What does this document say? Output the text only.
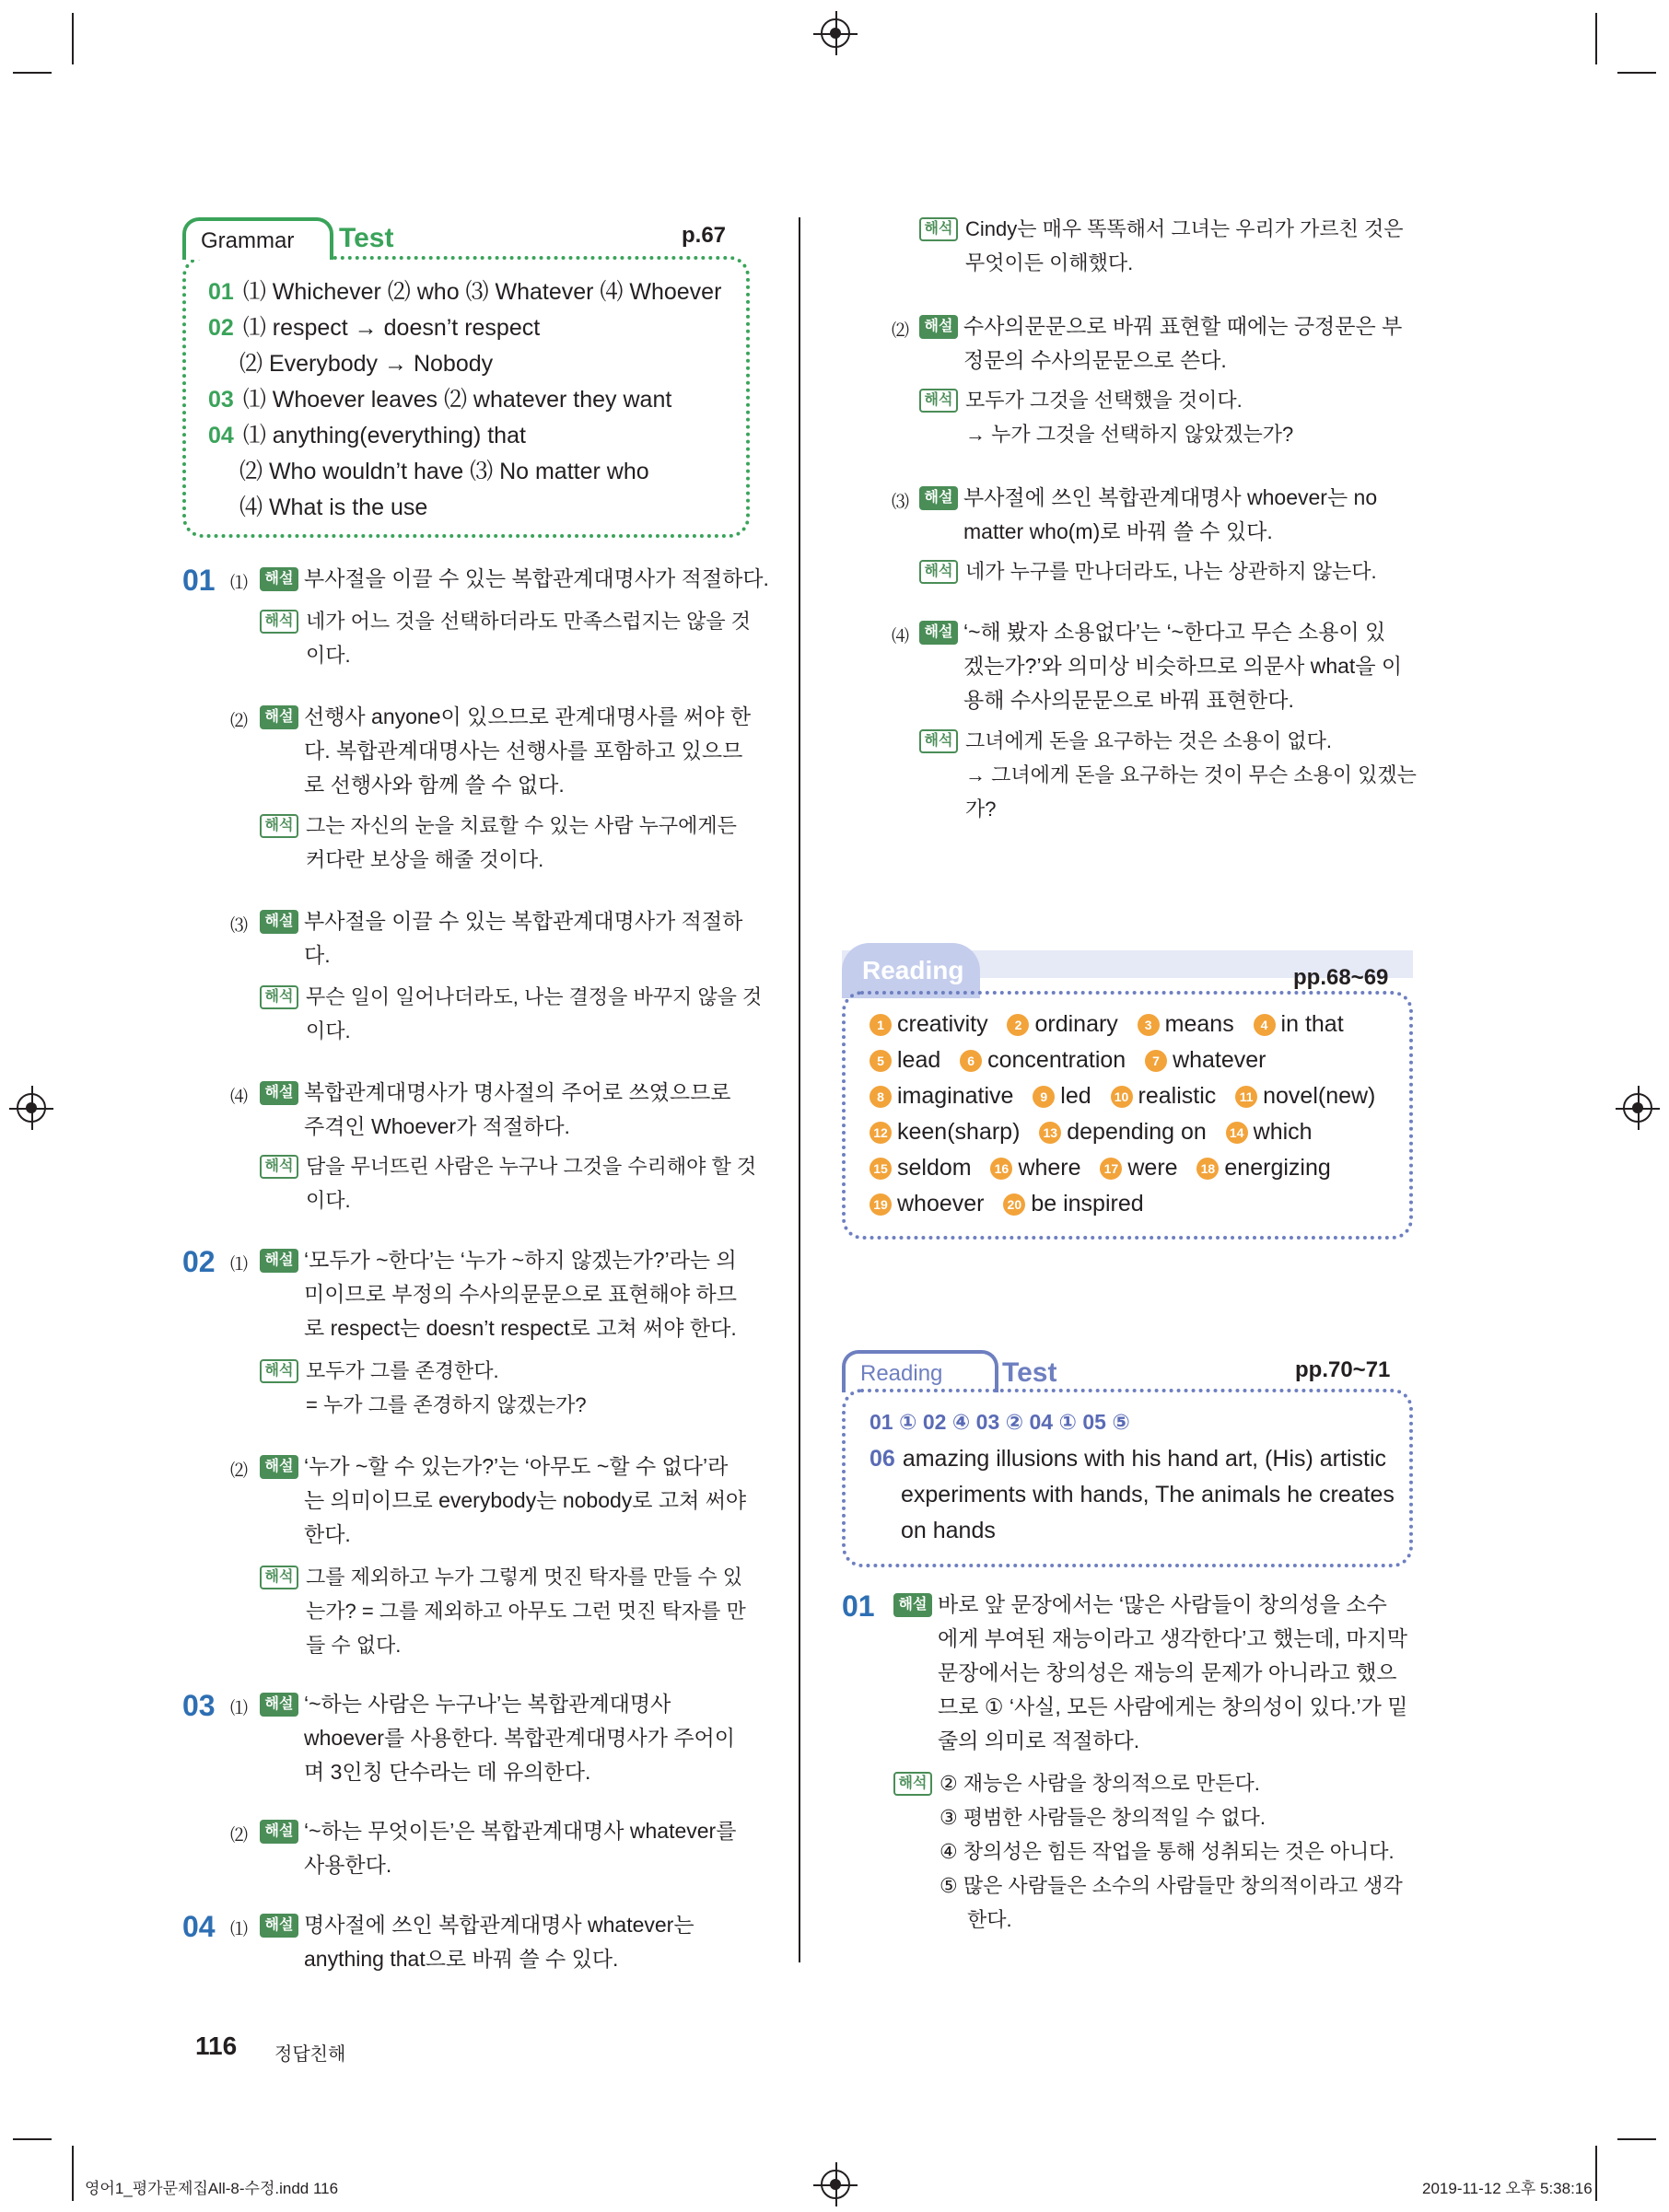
Grammar	Test	p.67
01 ⑴ Whichever ⑵ who ⑶ Whatever ⑷ Whoever
02 ⑴ respect → doesn’t respect
⑵ Everybody → Nobody
03 ⑴ Whoever leaves ⑵ whatever they want
04 ⑴ anything(everything) that
⑵ Who wouldn’t have ⑶ No matter who
⑷ What is the use
01 ⑴	해설 부사절을 이끌 수 있는 복합관계대명사가 적절하다.
해석 네가 어느 것을 선택하더라도 만족스럽지는 않을 것
이다.
⑵	해설 선행사 anyone이 있으므로 관계대명사를 써야 한
다. 복합관계대명사는 선행사를 포함하고 있으므
로 선행사와 함께 쓸 수 없다.
해석 그는 자신의 눈을 치료할 수 있는 사람 누구에게든
커다란 보상을 해줄 것이다.
⑶	해설 부사절을 이끌 수 있는 복합관계대명사가 적절하
다.
해석 무슨 일이 일어나더라도, 나는 결정을 바꾸지 않을 것
이다.
⑷	해설 복합관계대명사가 명사절의 주어로 쓰였으므로
주격인 Whoever가 적절하다.
해석 담을 무너뜨린 사람은 누구나 그것을 수리해야 할 것
이다.
02 ⑴	해설 ‘모두가 ~한다’는 ‘누가 ~하지 않겠는가?’라는 의
미이므로 부정의 수사의문문으로 표현해야 하므
로 respect는 doesn’t respect로 고쳐 써야 한다.
해석 모두가 그를 존경한다.
= 누가 그를 존경하지 않겠는가?
⑵	해설 ‘누가 ~할 수 있는가?’는 ‘아무도 ~할 수 없다’라
는 의미이므로 everybody는 nobody로 고쳐 써야
한다.
해석 그를 제외하고 누가 그렇게 멋진 탁자를 만들 수 있
는가? = 그를 제외하고 아무도 그런 멋진 탁자를 만
들 수 없다.
03 ⑴	해설 ‘~하는 사람은 누구나’는 복합관계대명사
whoever를 사용한다. 복합관계대명사가 주어이
며 3인칭 단수라는 데 유의한다.
⑵	해설 ‘~하는 무엇이든’은 복합관계대명사 whatever를
사용한다.
04 ⑴	해설 명사절에 쓰인 복합관계대명사 whatever는
anything that으로 바꿔 쓸 수 있다.
해석 Cindy는 매우 똑똑해서 그녀는 우리가 가르친 것은
무엇이든 이해했다.
⑵	해설 수사의문문으로 바꿔 표현할 때에는 긍정문은 부
정문의 수사의문문으로 쓴다.
해석 모두가 그것을 선택했을 것이다.
→ 누가 그것을 선택하지 않았겠는가?
⑶	해설 부사절에 쓰인 복합관계대명사 whoever는 no
matter who(m)로 바꿔 쓸 수 있다.
해석 네가 누구를 만나더라도, 나는 상관하지 않는다.
⑷	해설 ‘~해 봤자 소용없다’는 ‘~한다고 무슨 소용이 있
겠는가?’와 의미상 비슷하므로 의문사 what을 이
용해 수사의문문으로 바꿔 표현한다.
해석 그녀에게 돈을 요구하는 것은 소용이 없다.
→ 그녀에게 돈을 요구하는 것이 무슨 소용이 있겠는
가?
Reading	pp.68~69
1 creativity 2 ordinary 3 means 4 in that
5 lead 6 concentration 7 whatever
8 imaginative 9 led 10 realistic 11 novel(new)
12 keen(sharp) 13 depending on 14 which
15 seldom 16 where 17 were 18 energizing
19 whoever 20 be inspired
Reading	Test	pp.70~71
01 ① 02 ④ 03 ② 04 ① 05 ⑤
06 amazing illusions with his hand art, (His) artistic
experiments with hands, The animals he creates
on hands
01	해설 바로 앞 문장에서는 ‘많은 사람들이 창의성을 소수
에게 부여된 재능이라고 생각한다’고 했는데, 마지막
문장에서는 창의성은 재능의 문제가 아니라고 했으
므로 ① ‘사실, 모든 사람에게는 창의성이 있다.’가 밑
줄의 의미로 적절하다.
해석 ② 재능은 사람을 창의적으로 만든다.
③ 평범한 사람들은 창의적일 수 없다.
④ 창의성은 힘든 작업을 통해 성취되는 것은 아니다.
⑤ 많은 사람들은 소수의 사람들만 창의적이라고 생각
한다.
116 정답친해
영어1_평가문제집All-8-수정.indd 116	2019-11-12 오후 5:38:16
